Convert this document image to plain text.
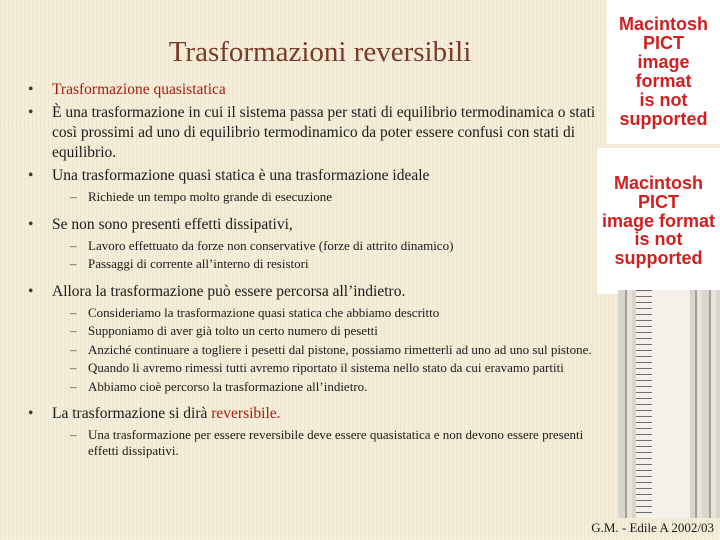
Trasformazioni reversibili
Macintosh PICT
image format
is not supported
Macintosh PICT
image format
is not supported
• Trasformazione quasistatica
• È una trasformazione in cui il sistema passa per stati di equilibrio termodinamica o stati così prossimi ad uno di equilibrio termodinamico da poter essere confusi con stati di equilibrio.
• Una trasformazione quasi statica è una trasformazione ideale
– Richiede un tempo molto grande di esecuzione
• Se non sono presenti effetti dissipativi,
– Lavoro effettuato da forze non conservative (forze di attrito dinamico)
– Passaggi di corrente all’interno di resistori
• Allora la trasformazione può essere percorsa all’indietro.
– Consideriamo la trasformazione quasi statica che abbiamo descritto
– Supponiamo di aver già tolto un certo numero di pesetti
– Anziché continuare a togliere i pesetti dal pistone, possiamo rimetterli ad uno ad uno sul pistone.
– Quando li avremo rimessi tutti avremo riportato il sistema nello stato da cui eravamo partiti
– Abbiamo cioè percorso la trasformazione all’indietro.
• La trasformazione si dirà reversibile.
– Una trasformazione per essere reversibile deve essere quasistatica e non devono essere presenti effetti dissipativi.
G.M. - Edile A 2002/03
